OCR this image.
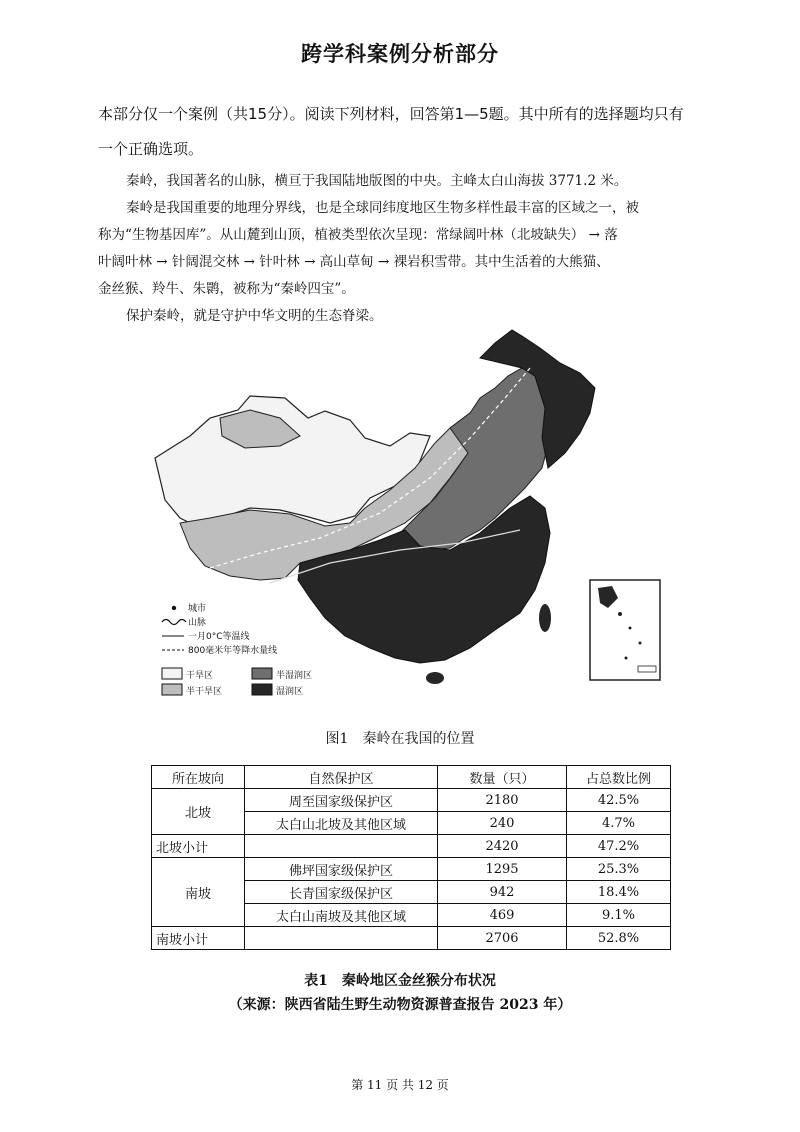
跨学科案例分析部分
本部分仅一个案例（共15分）。阅读下列材料，回答第1—5题。其中所有的选择题均只有
一个正确选项。
秦岭，我国著名的山脉，横亘于我国陆地版图的中央。主峰太白山海拔 3771.2 米。
秦岭是我国重要的地理分界线，也是全球同纬度地区生物多样性最丰富的区域之一，被
称为“生物基因库”。从山麓到山顶，植被类型依次呈现：常绿阔叶林（北坡缺失） → 落
叶阔叶林 → 针阔混交林 → 针叶林 → 高山草甸 → 裸岩积雪带。其中生活着的大熊猫、
金丝猴、羚牛、朱鹮，被称为“秦岭四宝”。
保护秦岭，就是守护中华文明的生态脊梁。
城市
山脉
一月0°C等温线
800毫米年等降水量线
干旱区
半干旱区
半湿润区
湿润区
图1　秦岭在我国的位置
所在坡向	自然保护区	数量（只）	占总数比例
北坡	周至国家级保护区	2180	42.5%
	太白山北坡及其他区域	240	4.7%
北坡小计		2420	47.2%
南坡	佛坪国家级保护区	1295	25.3%
	长青国家级保护区	942	18.4%
	太白山南坡及其他区域	469	9.1%
南坡小计		2706	52.8%
表1　秦岭地区金丝猴分布状况
（来源：陕西省陆生野生动物资源普查报告 2023 年）
第 11 页 共 12 页
